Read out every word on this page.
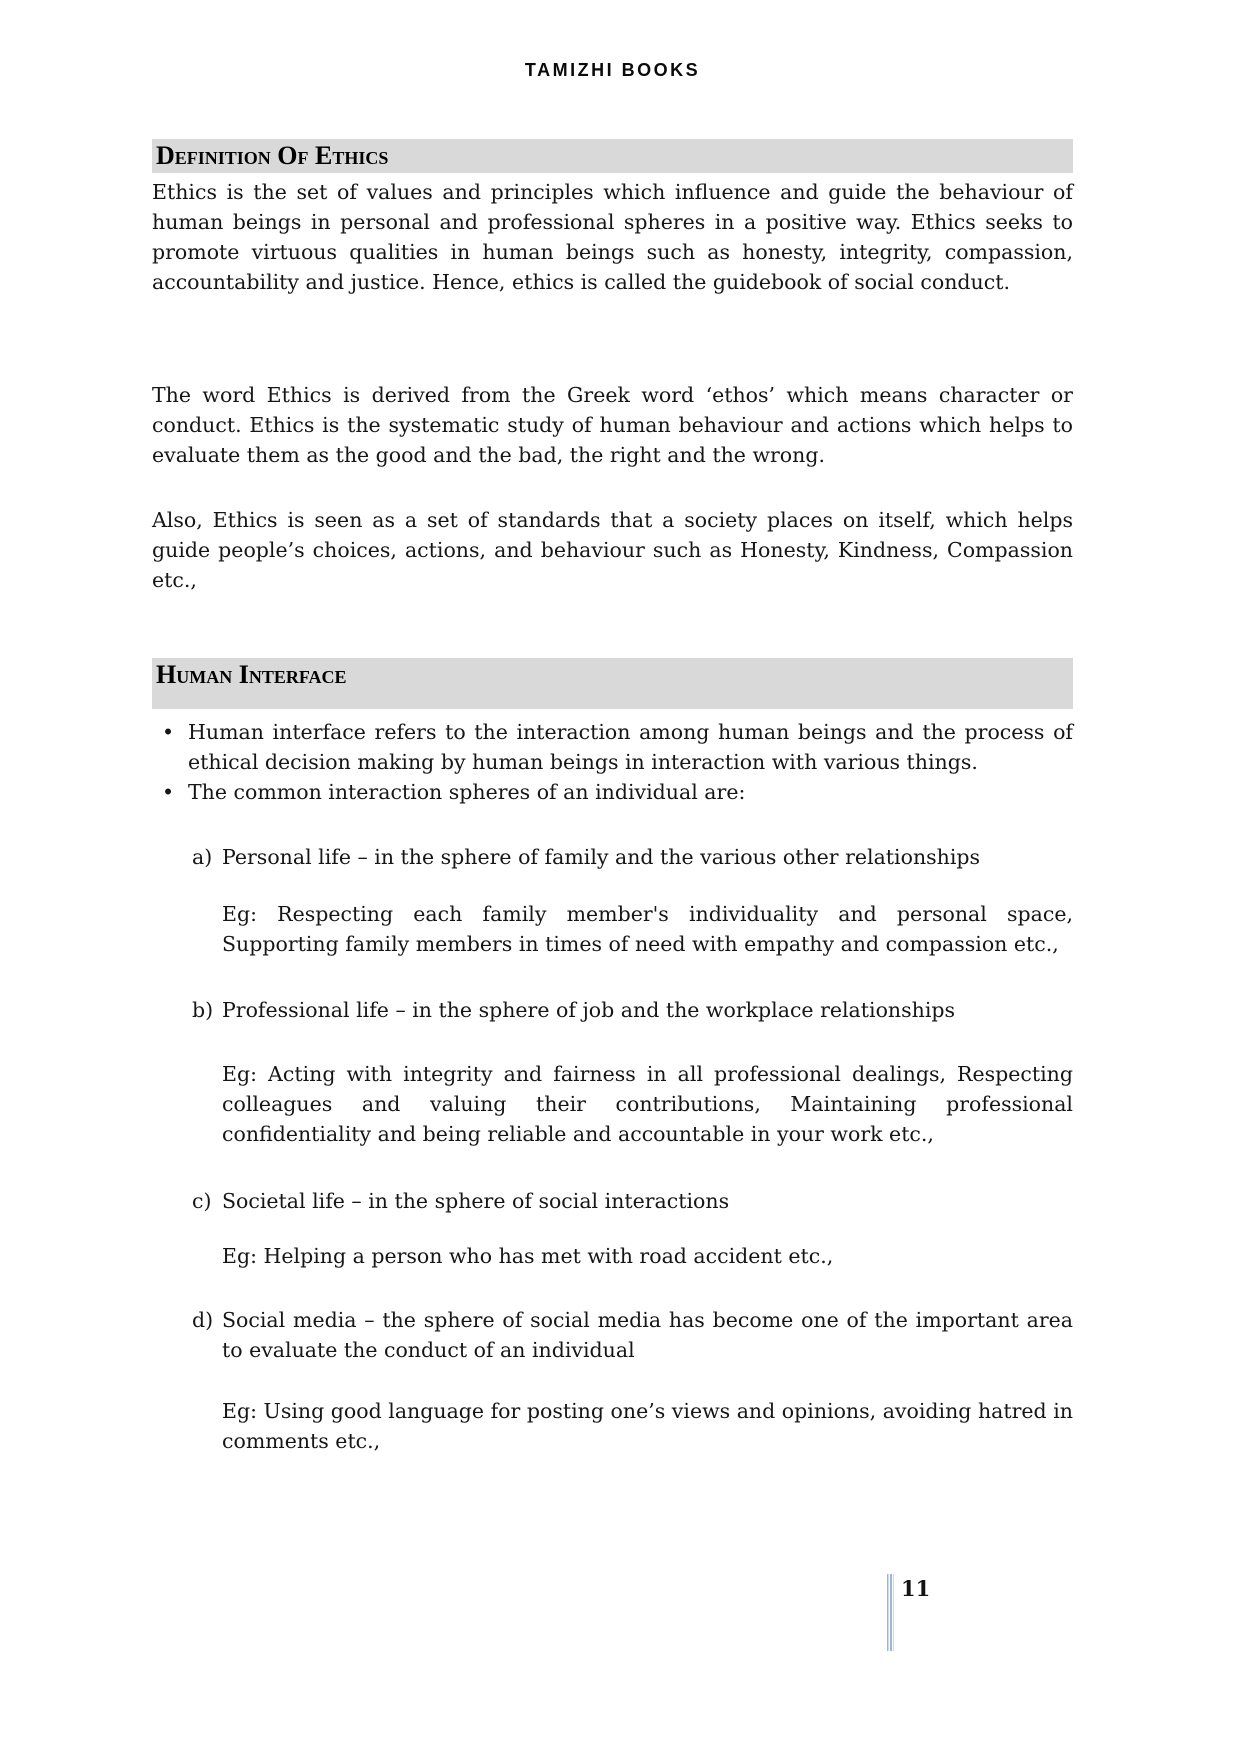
TAMIZHI BOOKS
Definition Of Ethics

Ethics is the set of values and principles which influence and guide the behaviour of human beings in personal and professional spheres in a positive way. Ethics seeks to promote virtuous qualities in human beings such as honesty, integrity, compassion, accountability and justice. Hence, ethics is called the guidebook of social conduct.

The word Ethics is derived from the Greek word ‘ethos’ which means character or conduct. Ethics is the systematic study of human behaviour and actions which helps to evaluate them as the good and the bad, the right and the wrong.

Also, Ethics is seen as a set of standards that a society places on itself, which helps guide people’s choices, actions, and behaviour such as Honesty, Kindness, Compassion etc.,

Human Interface
• Human interface refers to the interaction among human beings and the process of ethical decision making by human beings in interaction with various things.
• The common interaction spheres of an individual are:
a) Personal life – in the sphere of family and the various other relationships

Eg: Respecting each family member's individuality and personal space, Supporting family members in times of need with empathy and compassion etc.,

b) Professional life – in the sphere of job and the workplace relationships

Eg: Acting with integrity and fairness in all professional dealings, Respecting colleagues and valuing their contributions, Maintaining professional confidentiality and being reliable and accountable in your work etc.,

c) Societal life – in the sphere of social interactions

Eg: Helping a person who has met with road accident etc.,

d) Social media – the sphere of social media has become one of the important area to evaluate the conduct of an individual

Eg: Using good language for posting one’s views and opinions, avoiding hatred in comments etc.,

11
